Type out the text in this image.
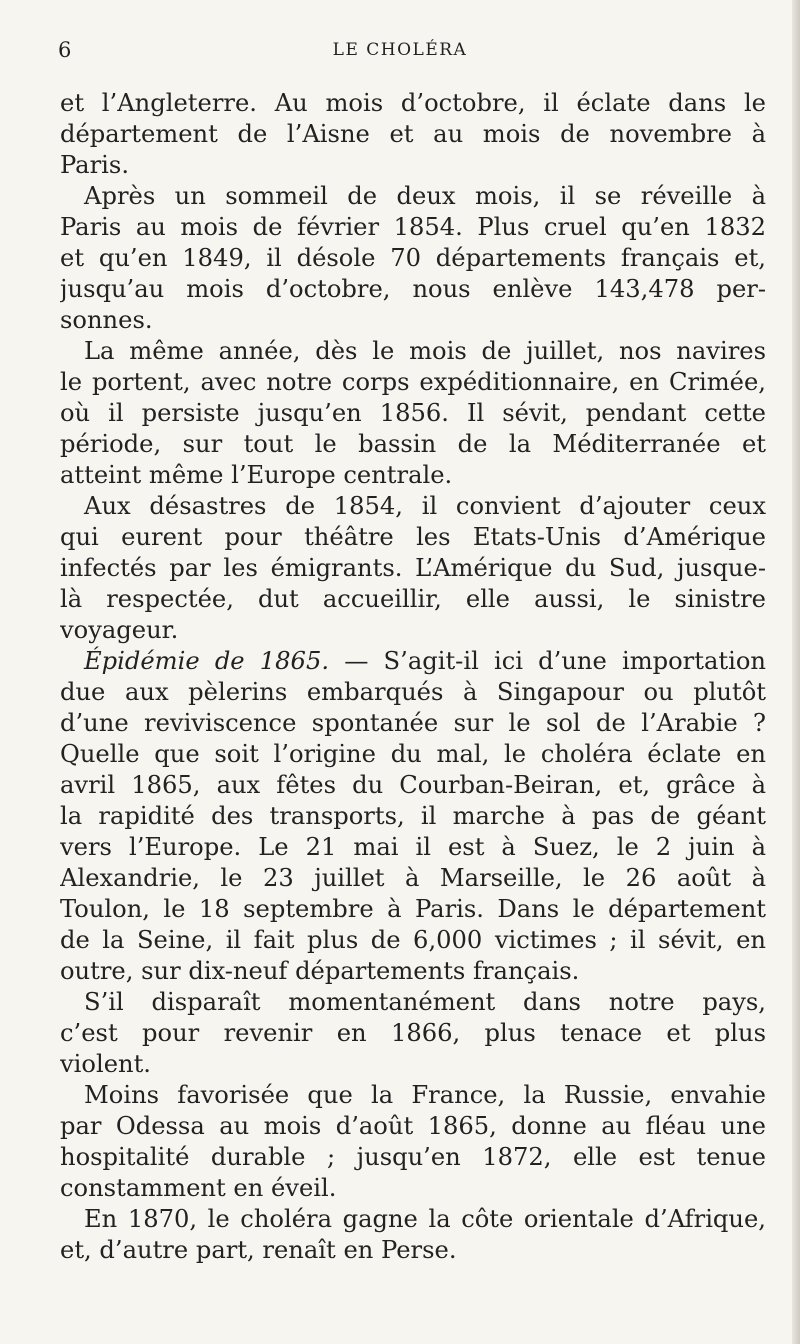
6	LE CHOLÉRA
et l’Angleterre. Au mois d’octobre, il éclate dans le
département de l’Aisne et au mois de novembre à
Paris.
Après un sommeil de deux mois, il se réveille à
Paris au mois de février 1854. Plus cruel qu’en 1832
et qu’en 1849, il désole 70 départements français et,
jusqu’au mois d’octobre, nous enlève 143,478 per-
sonnes.
La même année, dès le mois de juillet, nos navires
le portent, avec notre corps expéditionnaire, en Crimée,
où il persiste jusqu’en 1856. Il sévit, pendant cette
période, sur tout le bassin de la Méditerranée et
atteint même l’Europe centrale.
Aux désastres de 1854, il convient d’ajouter ceux
qui eurent pour théâtre les Etats-Unis d’Amérique
infectés par les émigrants. L’Amérique du Sud, jusque-
là respectée, dut accueillir, elle aussi, le sinistre
voyageur.
Épidémie de 1865. — S’agit-il ici d’une importation
due aux pèlerins embarqués à Singapour ou plutôt
d’une reviviscence spontanée sur le sol de l’Arabie ?
Quelle que soit l’origine du mal, le choléra éclate en
avril 1865, aux fêtes du Courban-Beiran, et, grâce à
la rapidité des transports, il marche à pas de géant
vers l’Europe. Le 21 mai il est à Suez, le 2 juin à
Alexandrie, le 23 juillet à Marseille, le 26 août à
Toulon, le 18 septembre à Paris. Dans le département
de la Seine, il fait plus de 6,000 victimes ; il sévit, en
outre, sur dix-neuf départements français.
S’il disparaît momentanément dans notre pays,
c’est pour revenir en 1866, plus tenace et plus
violent.
Moins favorisée que la France, la Russie, envahie
par Odessa au mois d’août 1865, donne au fléau une
hospitalité durable ; jusqu’en 1872, elle est tenue
constamment en éveil.
En 1870, le choléra gagne la côte orientale d’Afrique,
et, d’autre part, renaît en Perse.
